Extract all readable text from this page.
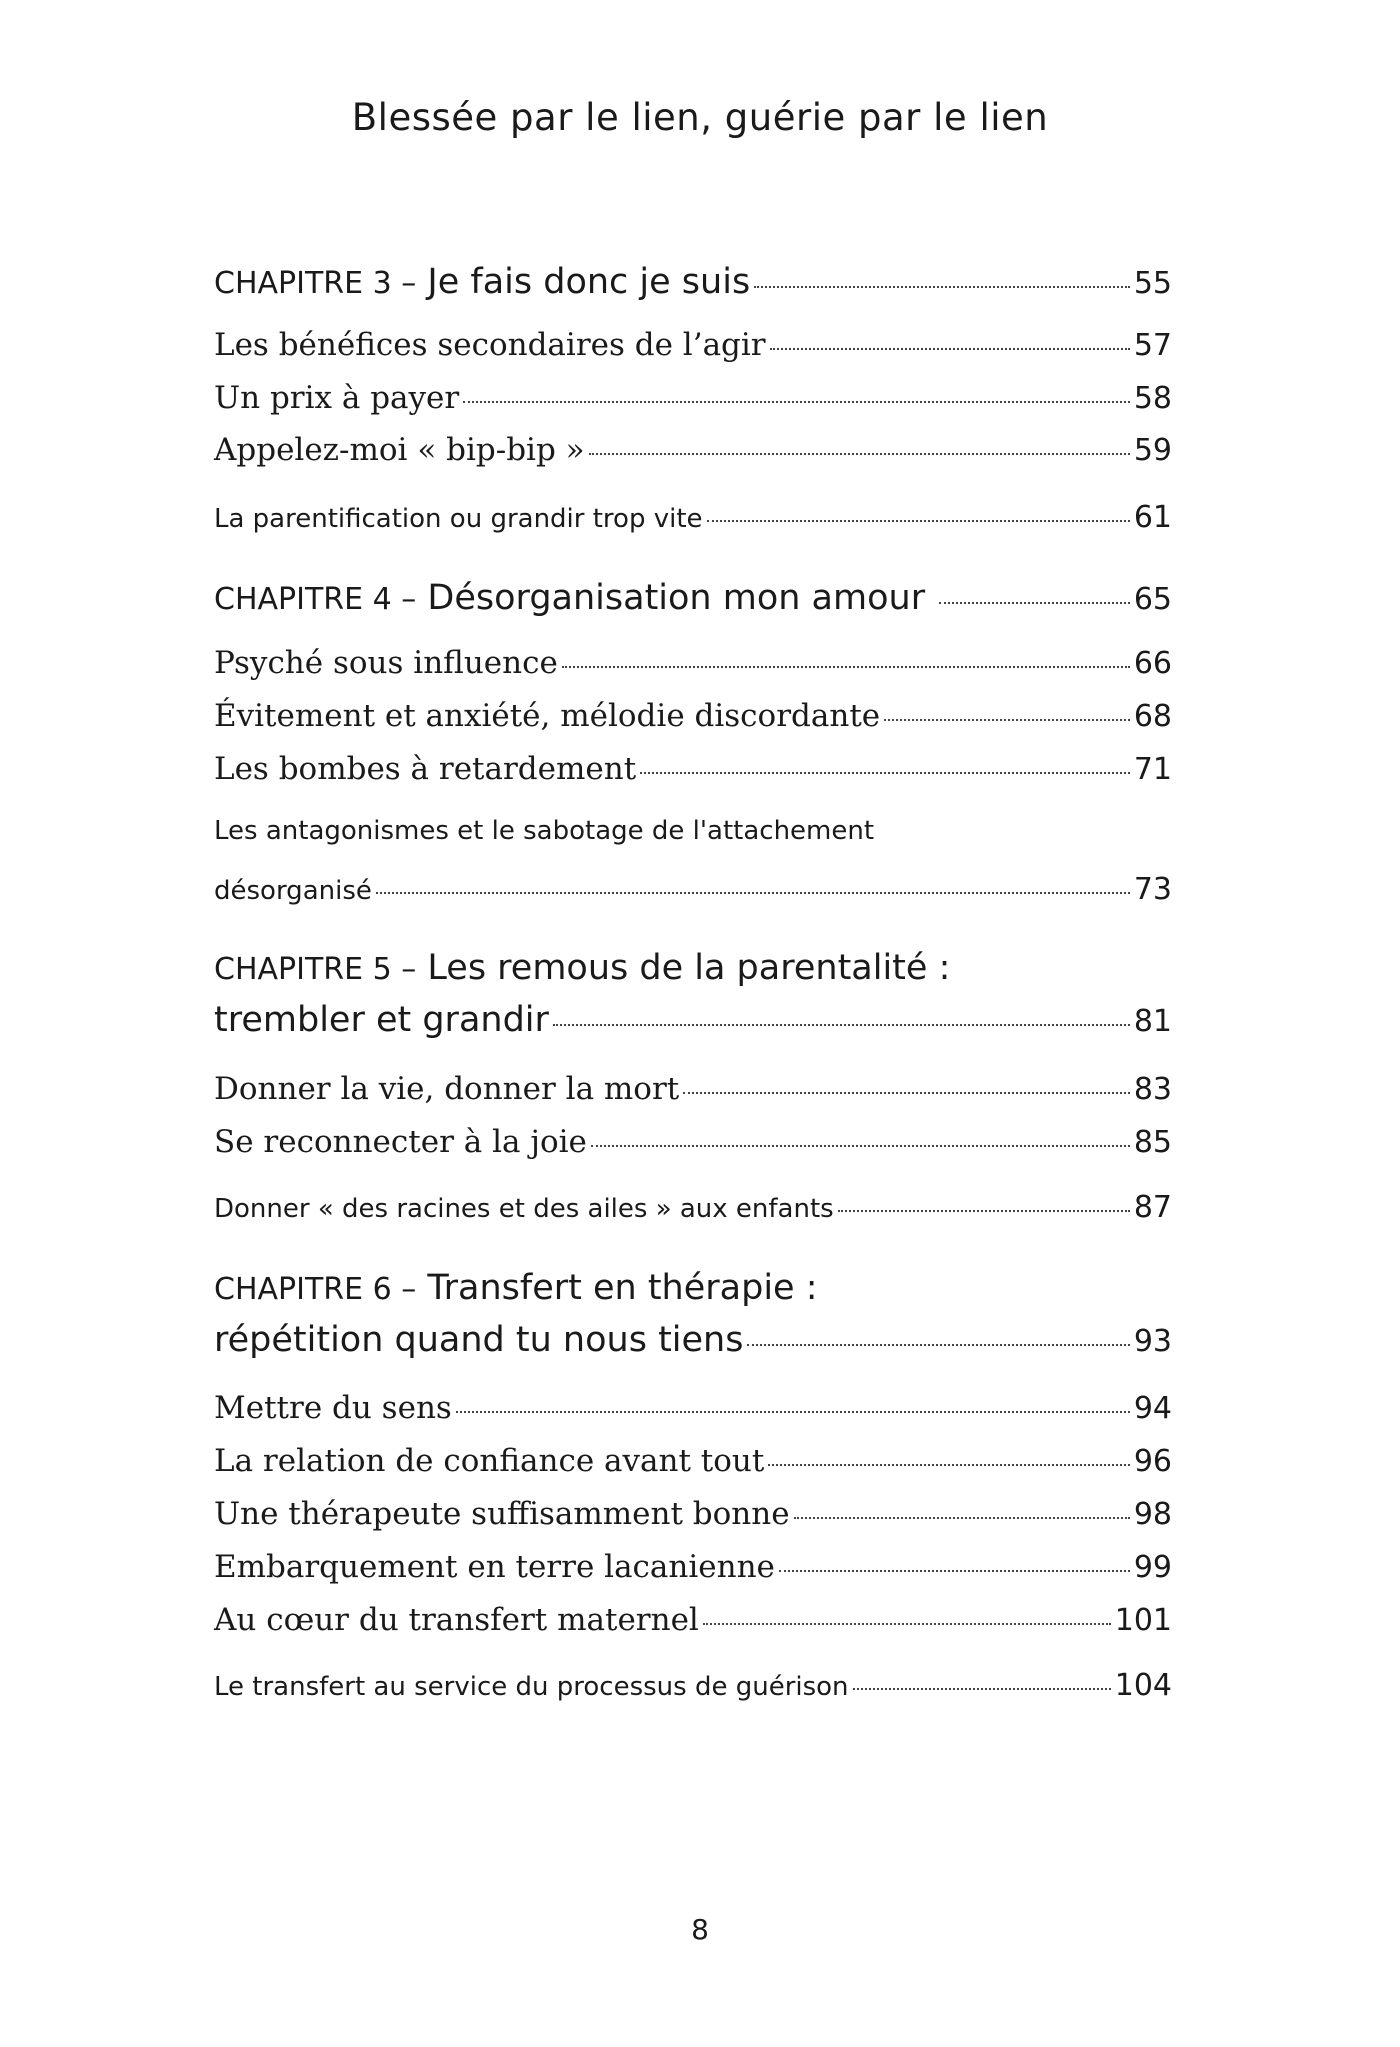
Blessée par le lien, guérie par le lien
CHAPITRE 3 – Je fais donc je suis	55
Les bénéfices secondaires de l’agir	57
Un prix à payer	58
Appelez-moi « bip-bip »	59
La parentification ou grandir trop vite	61
CHAPITRE 4 – Désorganisation mon amour	65
Psyché sous influence	66
Évitement et anxiété, mélodie discordante	68
Les bombes à retardement	71
Les antagonismes et le sabotage de l'attachement
désorganisé	73
CHAPITRE 5 – Les remous de la parentalité :
trembler et grandir	81
Donner la vie, donner la mort	83
Se reconnecter à la joie	85
Donner « des racines et des ailes » aux enfants	87
CHAPITRE 6 – Transfert en thérapie :
répétition quand tu nous tiens	93
Mettre du sens	94
La relation de confiance avant tout	96
Une thérapeute suffisamment bonne	98
Embarquement en terre lacanienne	99
Au cœur du transfert maternel	101
Le transfert au service du processus de guérison	104
8
